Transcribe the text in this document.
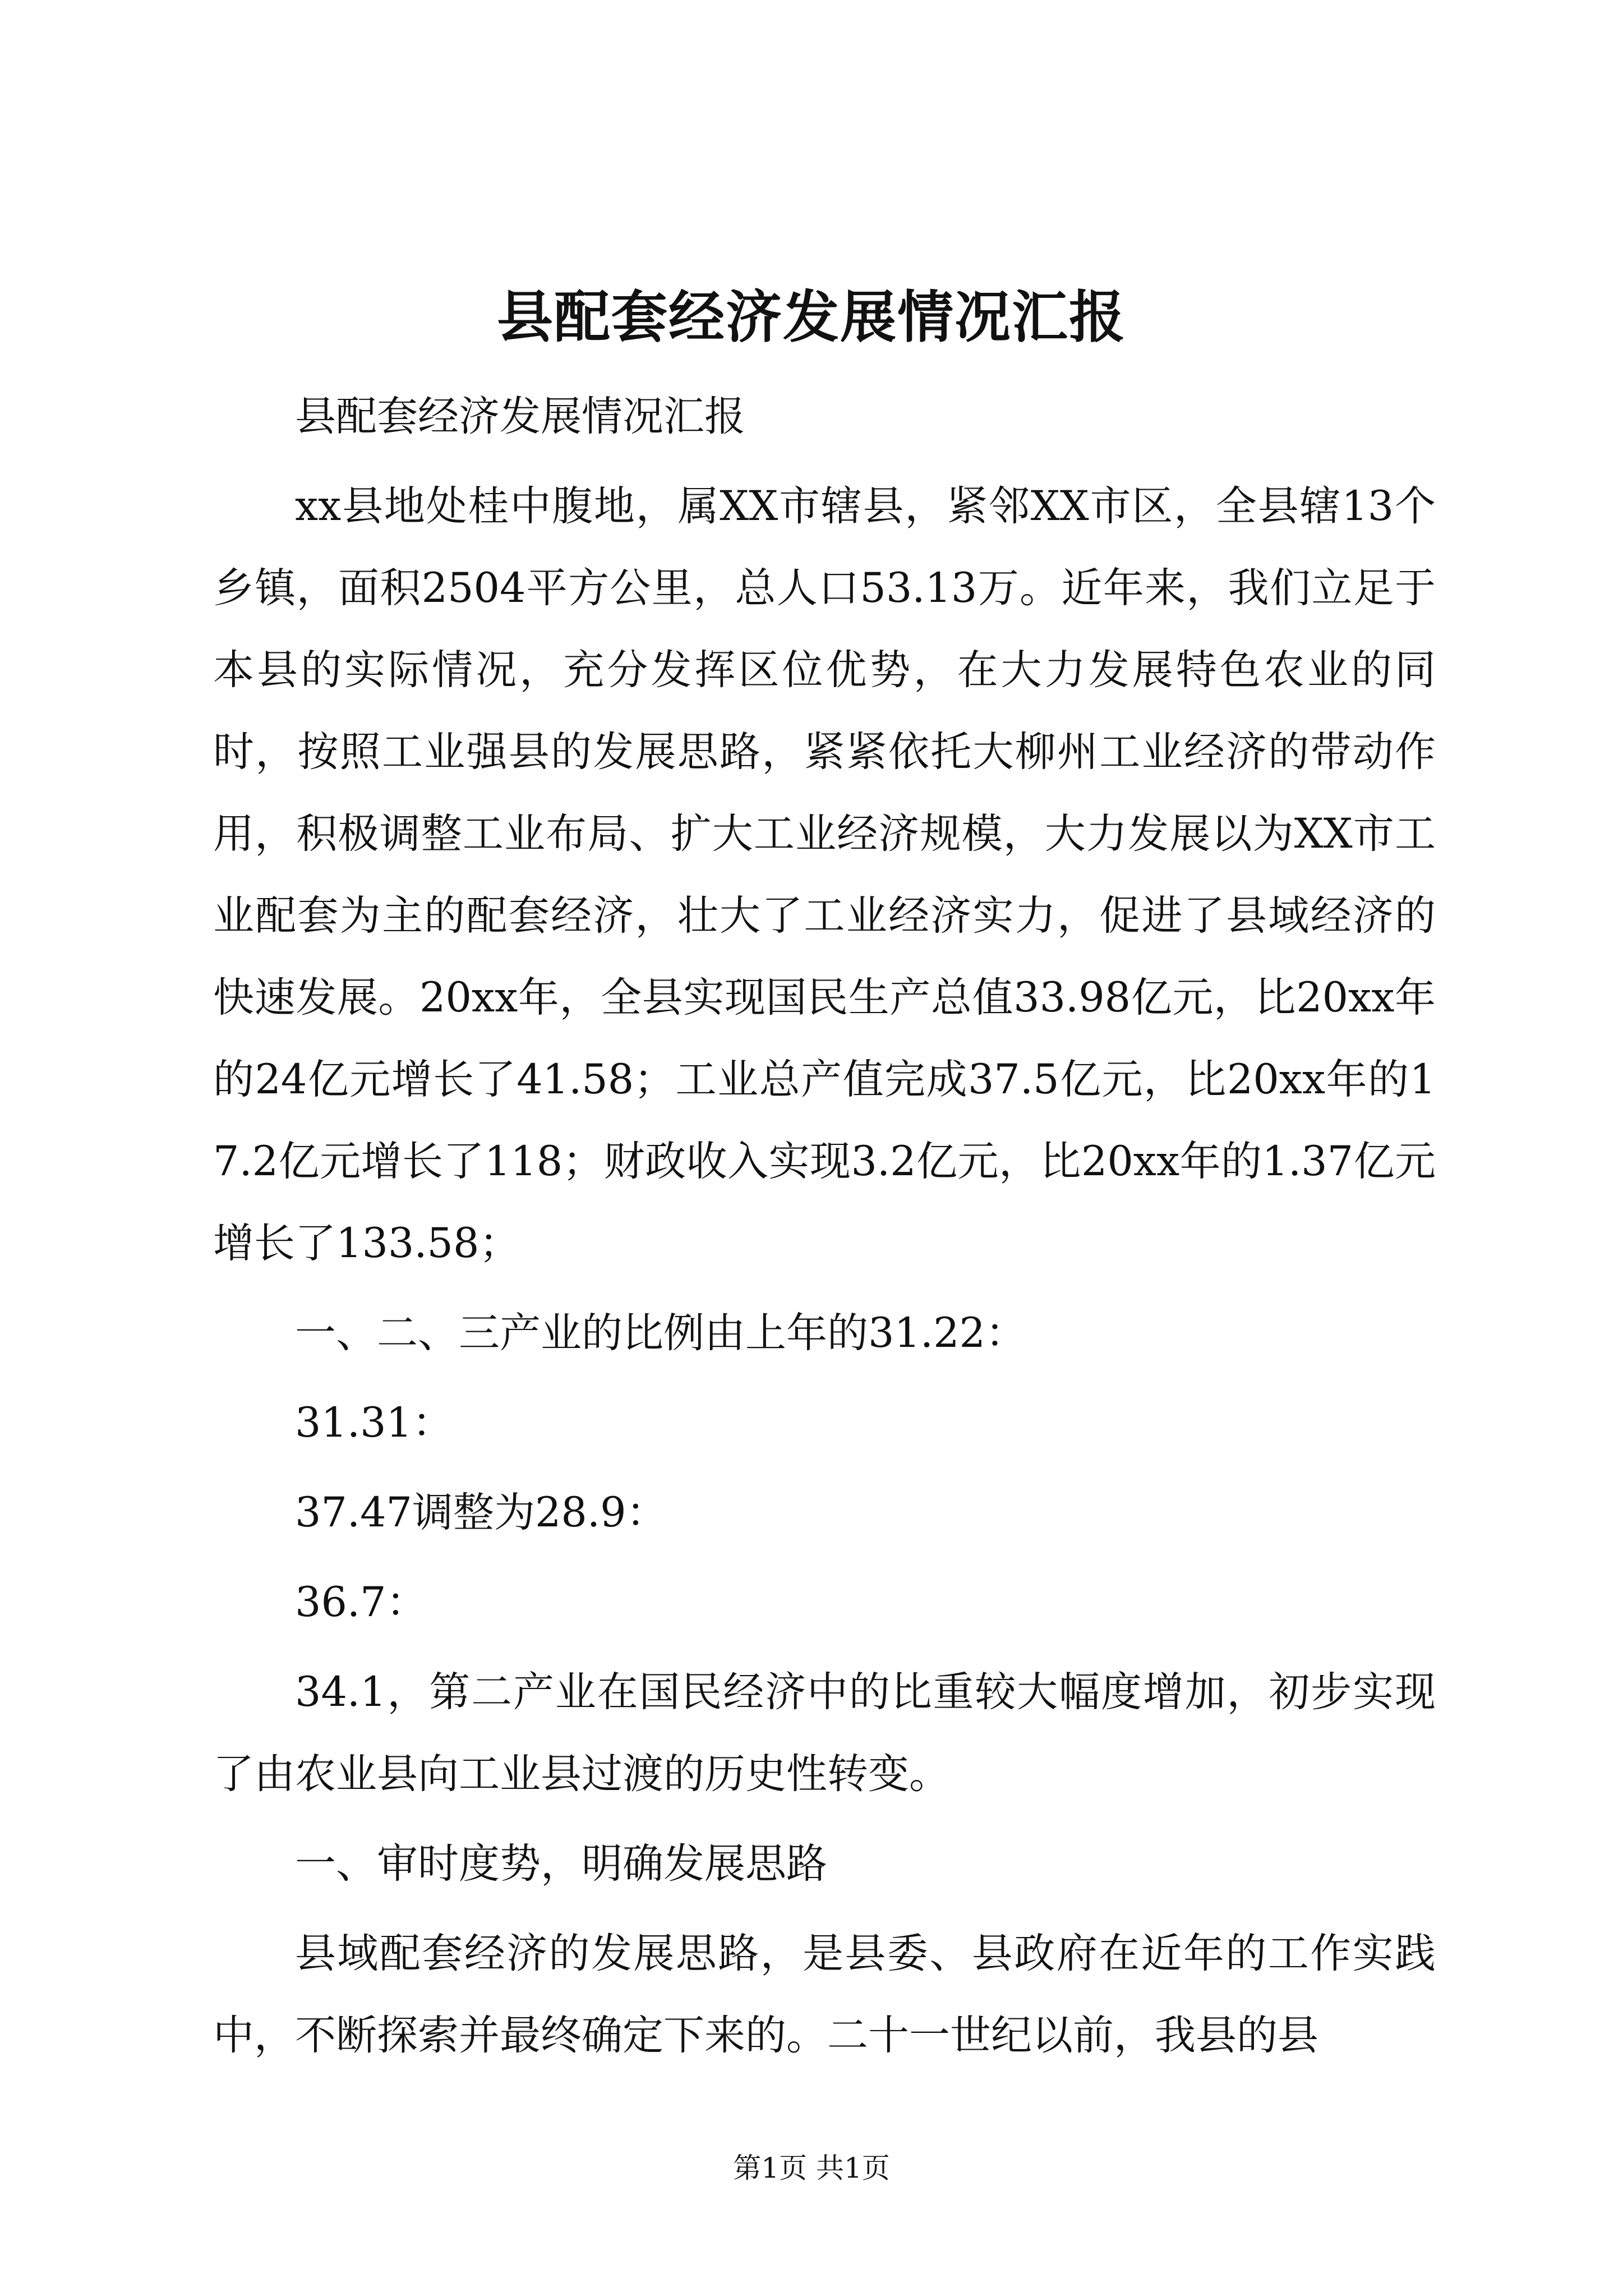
县配套经济发展情况汇报

县配套经济发展情况汇报

xx县地处桂中腹地，属XX市辖县，紧邻XX市区，全县辖13个乡镇，面积2504平方公里，总人口53.13万。近年来，我们立足于本县的实际情况，充分发挥区位优势，在大力发展特色农业的同时，按照工业强县的发展思路，紧紧依托大柳州工业经济的带动作用，积极调整工业布局、扩大工业经济规模，大力发展以为XX市工业配套为主的配套经济，壮大了工业经济实力，促进了县域经济的快速发展。20xx年，全县实现国民生产总值33.98亿元，比20xx年的24亿元增长了41.58；工业总产值完成37.5亿元，比20xx年的17.2亿元增长了118；财政收入实现3.2亿元，比20xx年的1.37亿元增长了133.58；

一、二、三产业的比例由上年的31.22：

31.31：

37.47调整为28.9：

36.7：

34.1，第二产业在国民经济中的比重较大幅度增加，初步实现了由农业县向工业县过渡的历史性转变。

一、审时度势，明确发展思路

县域配套经济的发展思路，是县委、县政府在近年的工作实践中，不断探索并最终确定下来的。二十一世纪以前，我县的县

第1页 共1页
